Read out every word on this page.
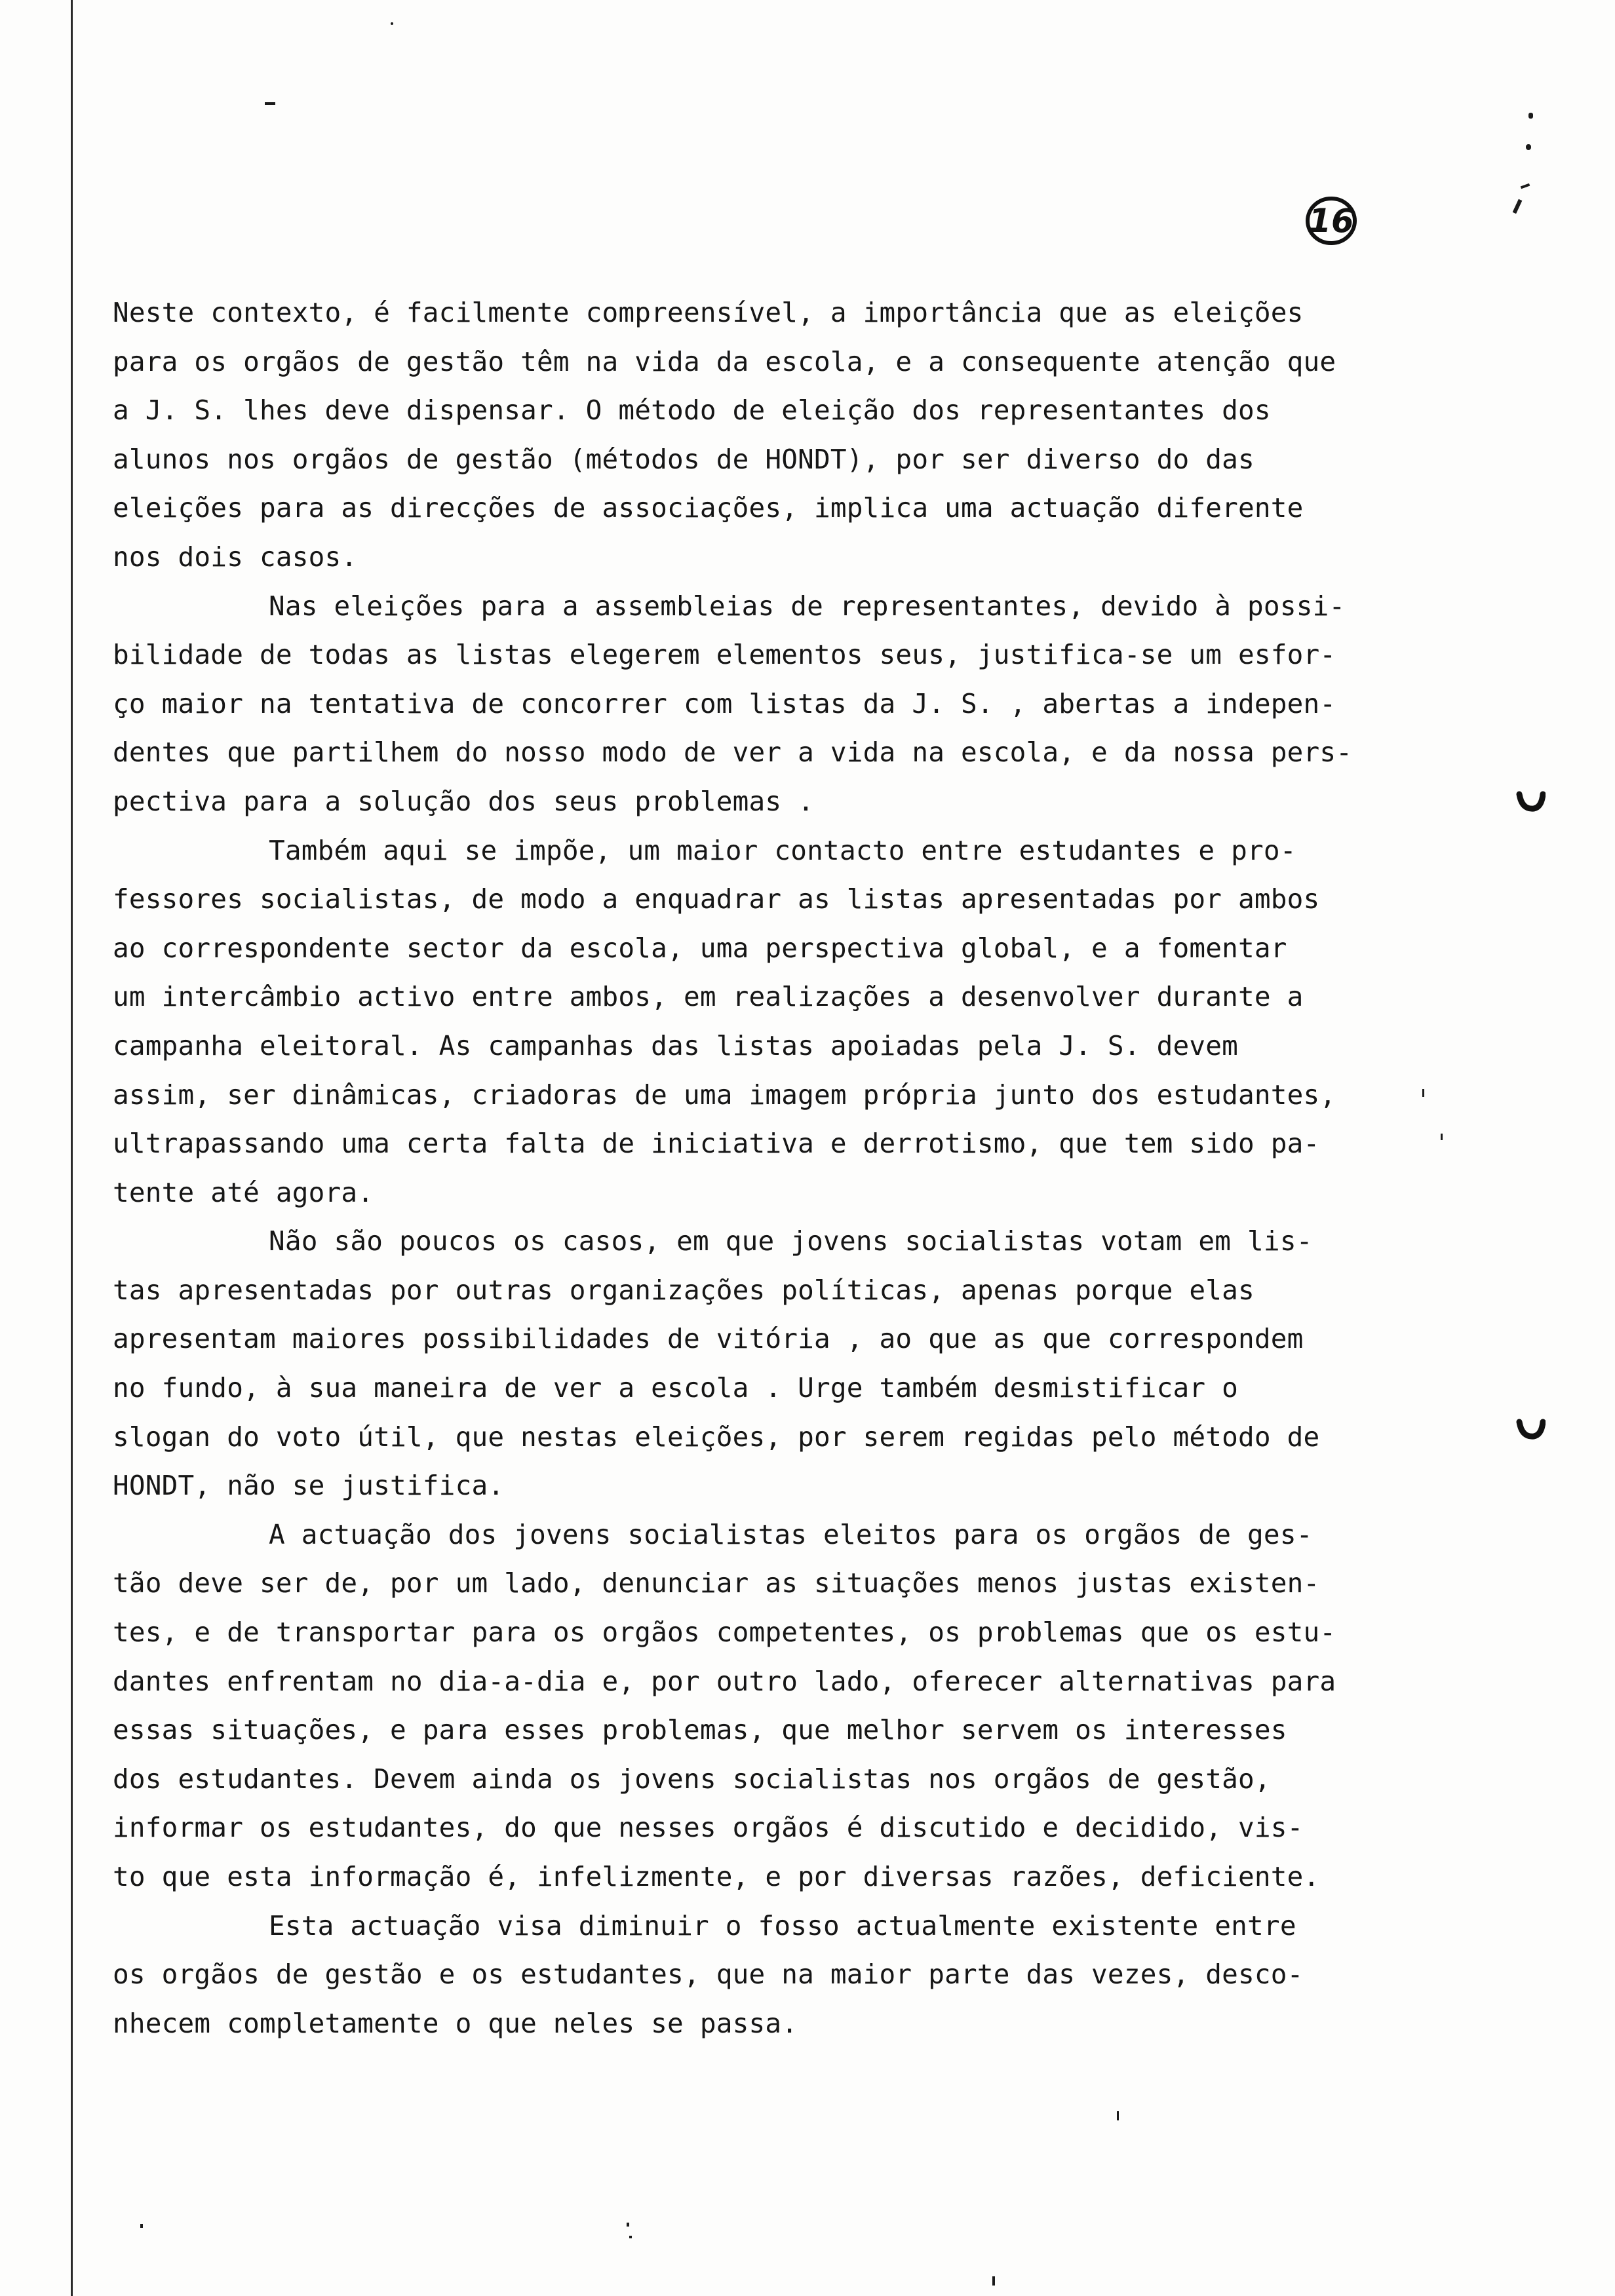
16

Neste contexto, é facilmente compreensível, a importância que as eleições
para os orgãos de gestão têm na vida da escola, e a consequente atenção que
a J. S. lhes deve dispensar. O método de eleição dos representantes dos
alunos nos orgãos de gestão (métodos de HONDT), por ser diverso do das
eleições para as direcções de associações, implica uma actuação diferente
nos dois casos.

Nas eleições para a assembleias de representantes, devido à possi-
bilidade de todas as listas elegerem elementos seus, justifica-se um esfor-
ço maior na tentativa de concorrer com listas da J. S. , abertas a indepen-
dentes que partilhem do nosso modo de ver a vida na escola, e da nossa pers-
pectiva para a solução dos seus problemas .

Também aqui se impõe, um maior contacto entre estudantes e pro-
fessores socialistas, de modo a enquadrar as listas apresentadas por ambos
ao correspondente sector da escola, uma perspectiva global, e a fomentar
um intercâmbio activo entre ambos, em realizações a desenvolver durante a
campanha eleitoral. As campanhas das listas apoiadas pela J. S. devem
assim, ser dinâmicas, criadoras de uma imagem própria junto dos estudantes,
ultrapassando uma certa falta de iniciativa e derrotismo, que tem sido pa-
tente até agora.

Não são poucos os casos, em que jovens socialistas votam em lis-
tas apresentadas por outras organizações políticas, apenas porque elas
apresentam maiores possibilidades de vitória , ao que as que correspondem
no fundo, à sua maneira de ver a escola . Urge também desmistificar o
slogan do voto útil, que nestas eleições, por serem regidas pelo método de
HONDT, não se justifica.

A actuação dos jovens socialistas eleitos para os orgãos de ges-
tão deve ser de, por um lado, denunciar as situações menos justas existen-
tes, e de transportar para os orgãos competentes, os problemas que os estu-
dantes enfrentam no dia-a-dia e, por outro lado, oferecer alternativas para
essas situações, e para esses problemas, que melhor servem os interesses
dos estudantes. Devem ainda os jovens socialistas nos orgãos de gestão,
informar os estudantes, do que nesses orgãos é discutido e decidido, vis-
to que esta informação é, infelizmente, e por diversas razões, deficiente.

Esta actuação visa diminuir o fosso actualmente existente entre
os orgãos de gestão e os estudantes, que na maior parte das vezes, desco-
nhecem completamente o que neles se passa.
